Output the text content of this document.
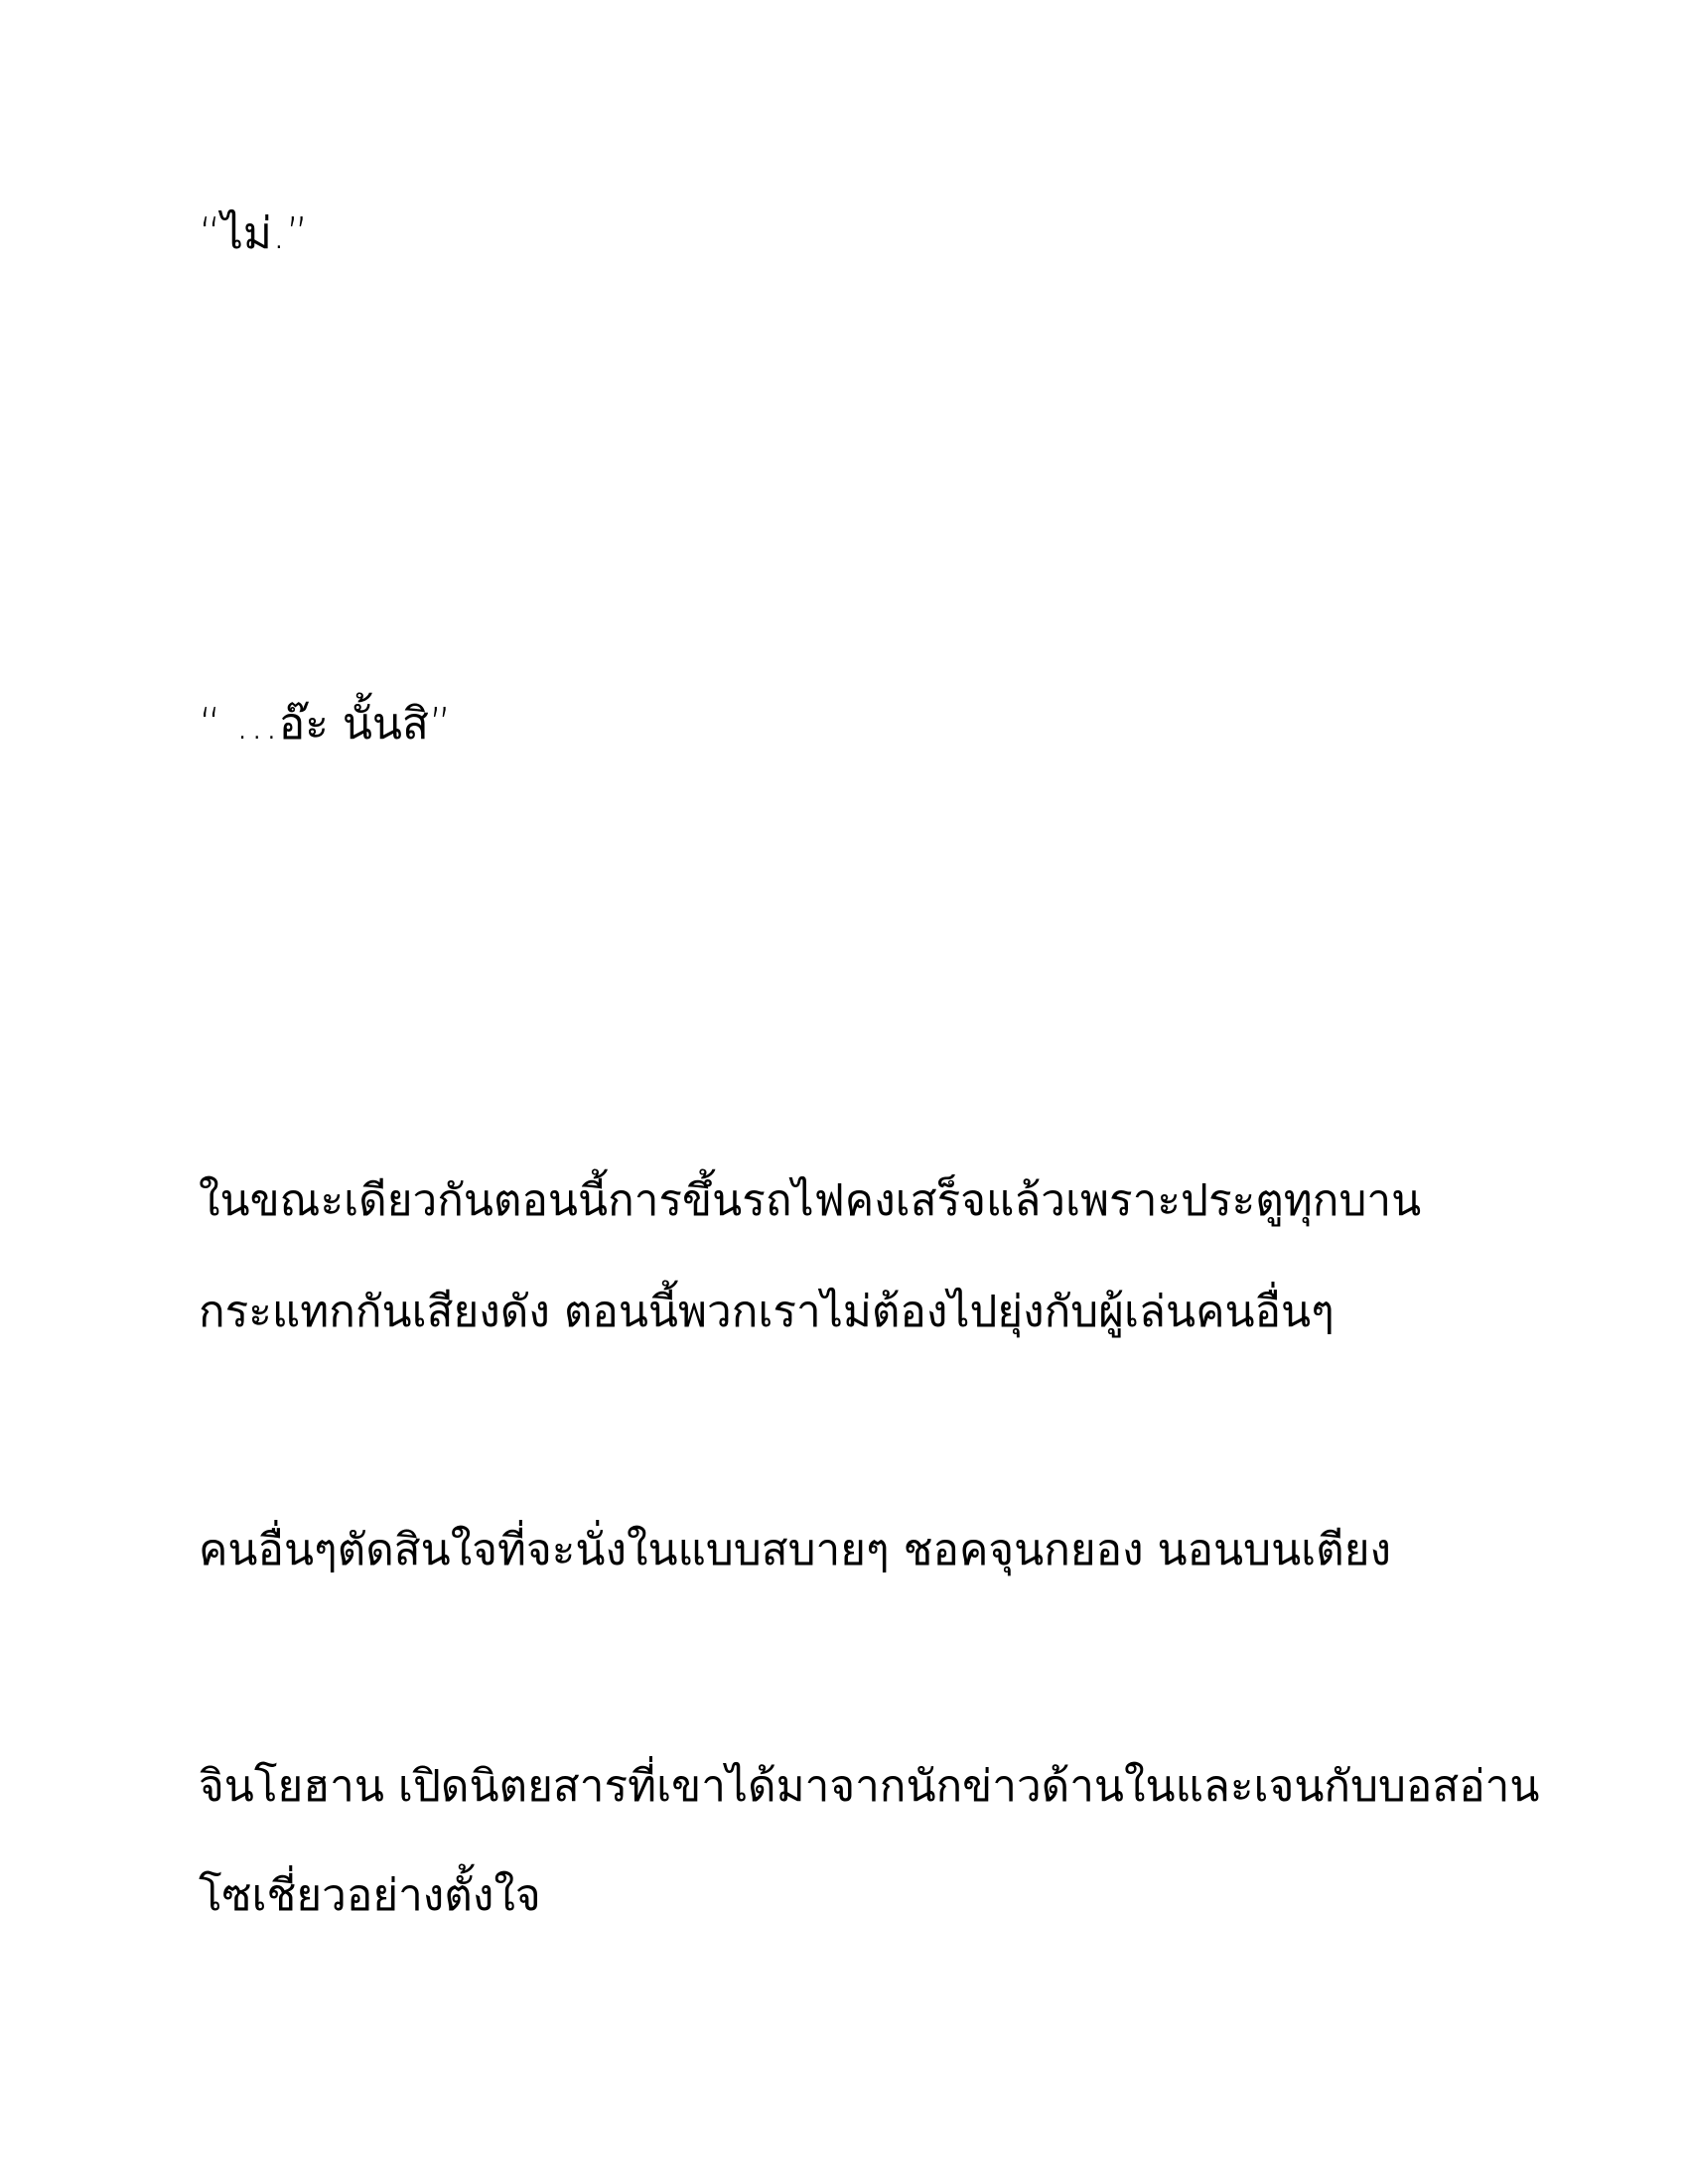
“ไม่.”

“ …อ๊ะ นั้นสิ”

ในขณะเดียวกันตอนนี้การขึ้นรถไฟคงเสร็จแล้วเพราะประตูทุกบาน

กระแทกกันเสียงดัง ตอนนี้พวกเราไม่ต้องไปยุ่งกับผู้เล่นคนอื่นๆ

คนอื่นๆตัดสินใจที่จะนั่งในแบบสบายๆ ชอคจุนกยอง นอนบนเตียง

จินโยฮาน เปิดนิตยสารที่เขาได้มาจากนักข่าวด้านในและเจนกับบอสอ่าน

โซเชี่ยวอย่างตั้งใจ
